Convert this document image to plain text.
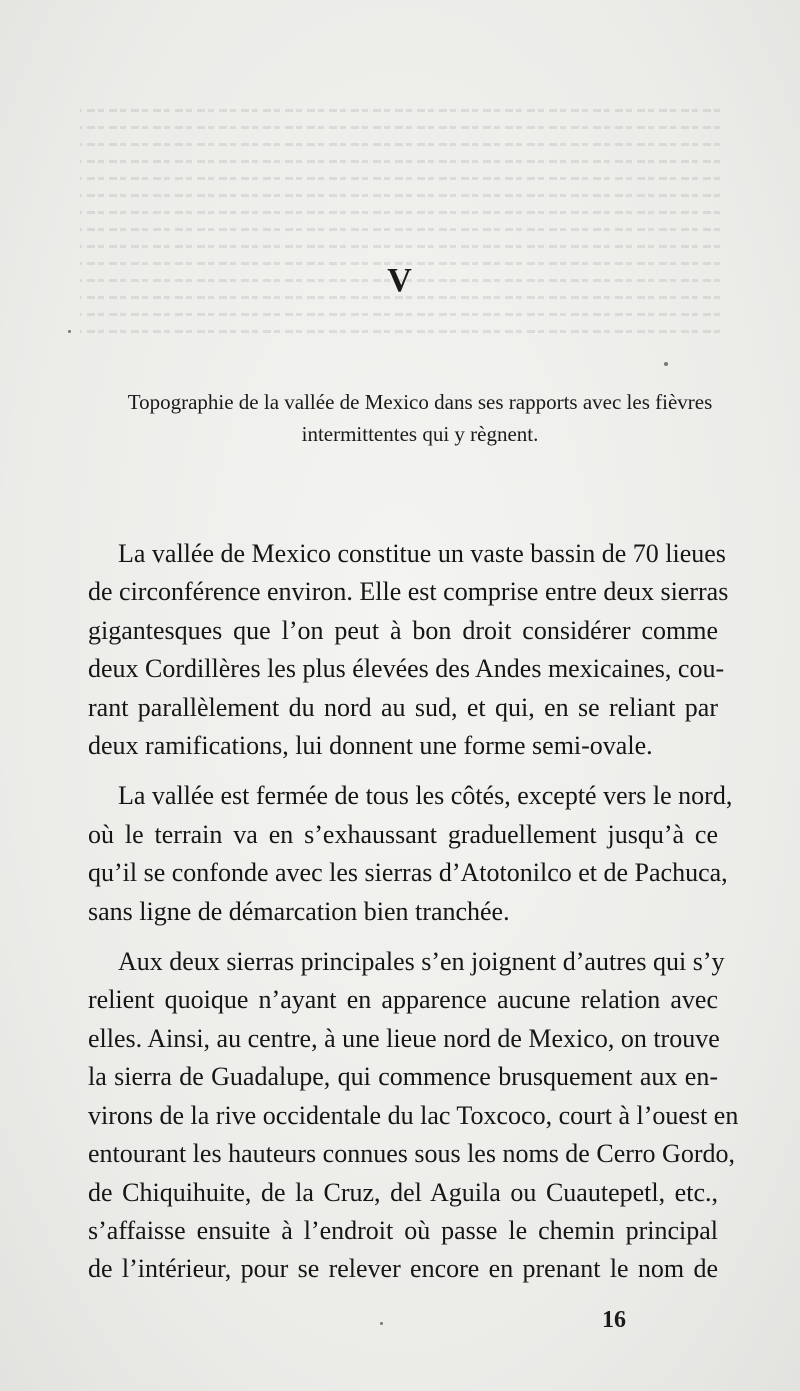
V
Topographie de la vallée de Mexico dans ses rapports avec les fièvres
intermittentes qui y règnent.
La vallée de Mexico constitue un vaste bassin de 70 lieues
de circonférence environ. Elle est comprise entre deux sierras
gigantesques que l’on peut à bon droit considérer comme
deux Cordillères les plus élevées des Andes mexicaines, cou-
rant parallèlement du nord au sud, et qui, en se reliant par
deux ramifications, lui donnent une forme semi-ovale.
La vallée est fermée de tous les côtés, excepté vers le nord,
où le terrain va en s’exhaussant graduellement jusqu’à ce
qu’il se confonde avec les sierras d’Atotonilco et de Pachuca,
sans ligne de démarcation bien tranchée.
Aux deux sierras principales s’en joignent d’autres qui s’y
relient quoique n’ayant en apparence aucune relation avec
elles. Ainsi, au centre, à une lieue nord de Mexico, on trouve
la sierra de Guadalupe, qui commence brusquement aux en-
virons de la rive occidentale du lac Toxcoco, court à l’ouest en
entourant les hauteurs connues sous les noms de Cerro Gordo,
de Chiquihuite, de la Cruz, del Aguila ou Cuautepetl, etc.,
s’affaisse ensuite à l’endroit où passe le chemin principal
de l’intérieur, pour se relever encore en prenant le nom de
16
